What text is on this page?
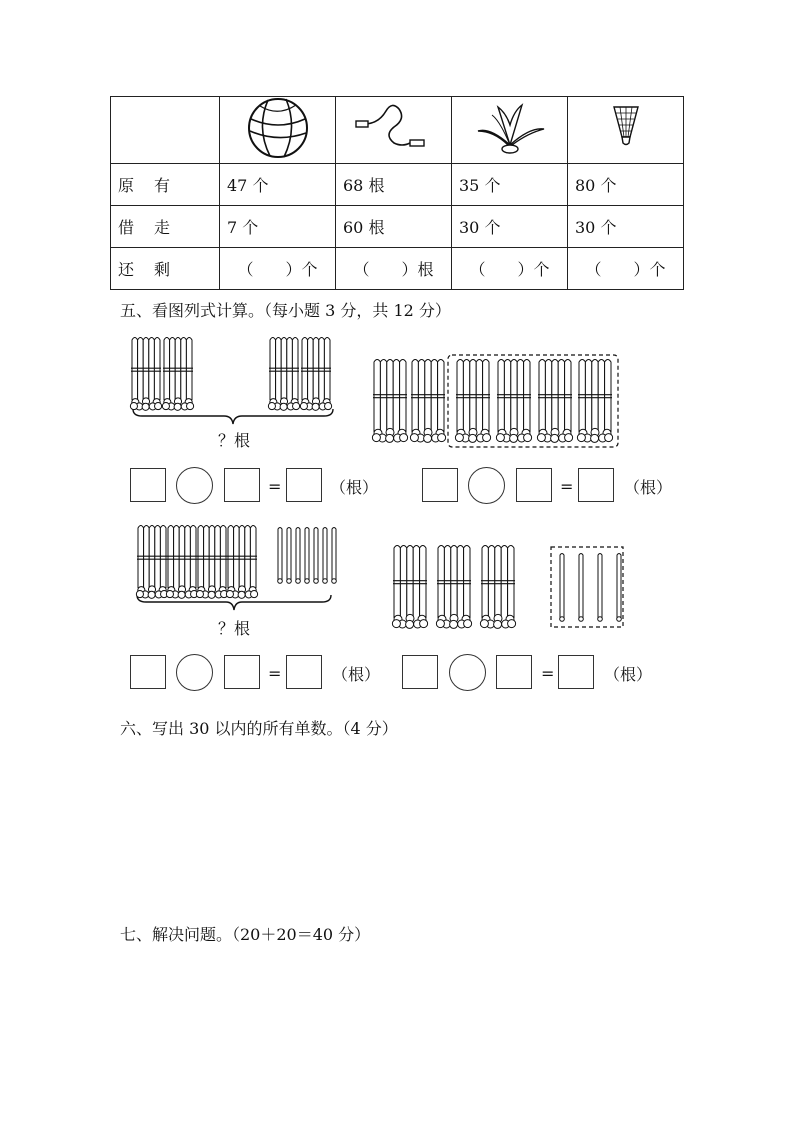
原　有	47 个	68 根	35 个	80 个
借　走	7 个	60 根	30 个	30 个
还　剩	（　　）个	（　　）根	（　　）个	（　　）个
五、看图列式计算。（每小题 3 分，共 12 分）
？根
=	（根）	=	（根）
？根
=	（根）	=	（根）
六、写出 30 以内的所有单数。（4 分）
七、解决问题。（20＋20＝40 分）
